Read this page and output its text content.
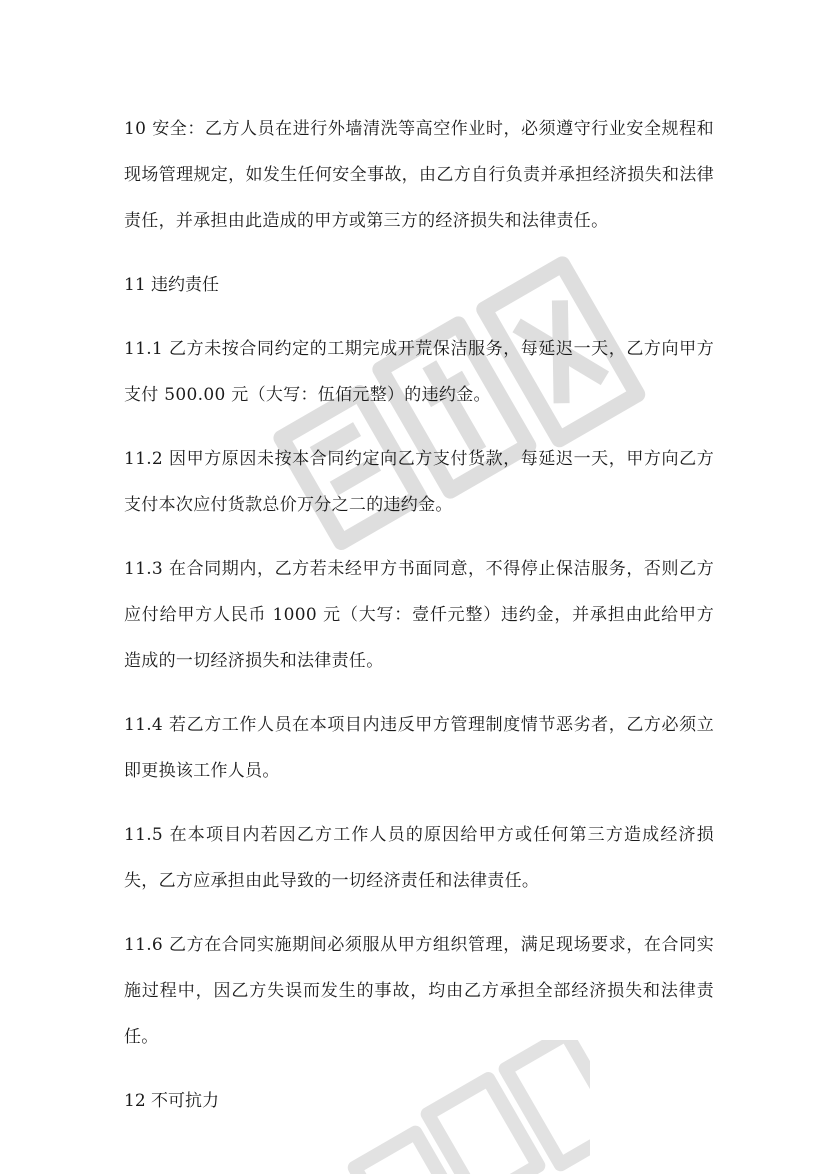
10 安全：乙方人员在进行外墙清洗等高空作业时，必须遵守行业安全规程和现场管理规定，如发生任何安全事故，由乙方自行负责并承担经济损失和法律责任，并承担由此造成的甲方或第三方的经济损失和法律责任。

11 违约责任

11.1 乙方未按合同约定的工期完成开荒保洁服务，每延迟一天，乙方向甲方支付 500.00 元（大写：伍佰元整）的违约金。

11.2 因甲方原因未按本合同约定向乙方支付货款，每延迟一天，甲方向乙方支付本次应付货款总价万分之二的违约金。

11.3 在合同期内，乙方若未经甲方书面同意，不得停止保洁服务，否则乙方应付给甲方人民币 1000 元（大写：壹仟元整）违约金，并承担由此给甲方造成的一切经济损失和法律责任。

11.4 若乙方工作人员在本项目内违反甲方管理制度情节恶劣者，乙方必须立即更换该工作人员。

11.5 在本项目内若因乙方工作人员的原因给甲方或任何第三方造成经济损失，乙方应承担由此导致的一切经济责任和法律责任。

11.6 乙方在合同实施期间必须服从甲方组织管理，满足现场要求，在合同实施过程中，因乙方失误而发生的事故，均由乙方承担全部经济损失和法律责任。

12 不可抗力
